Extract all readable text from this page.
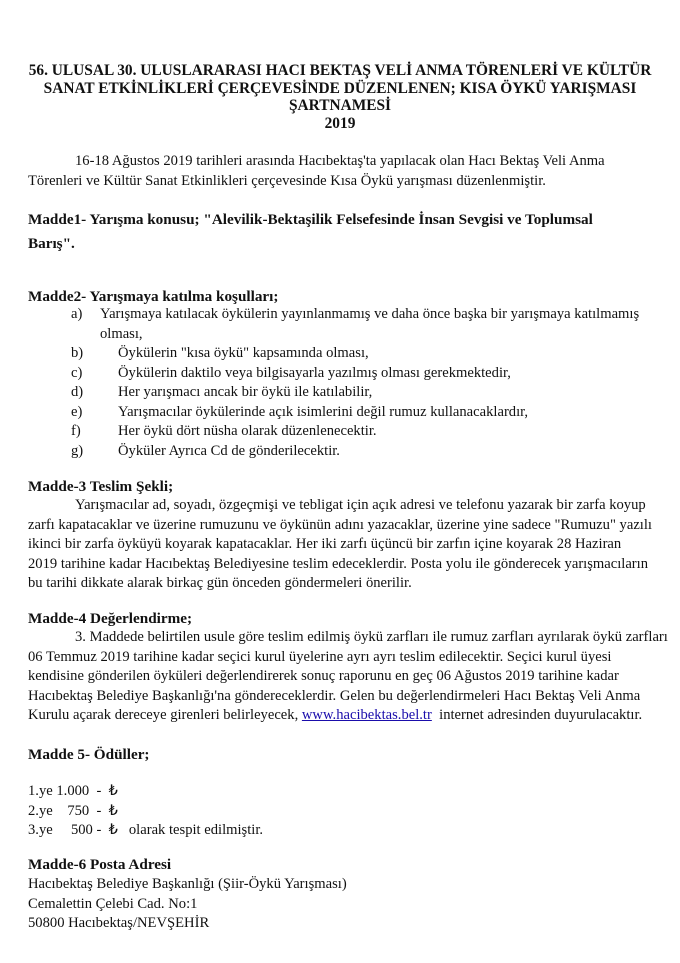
56. ULUSAL 30. ULUSLARARASI HACI BEKTAŞ VELİ ANMA TÖRENLERİ VE KÜLTÜR
SANAT ETKİNLİKLERİ ÇERÇEVESİNDE DÜZENLENEN; KISA ÖYKÜ YARIŞMASI
ŞARTNAMESİ
2019
16-18 Ağustos 2019 tarihleri arasında Hacıbektaş'ta yapılacak olan Hacı Bektaş Veli Anma
Törenleri ve Kültür Sanat Etkinlikleri çerçevesinde Kısa Öykü yarışması düzenlenmiştir.
Madde1- Yarışma konusu; "Alevilik-Bektaşilik Felsefesinde İnsan Sevgisi ve Toplumsal
Barış".
Madde2- Yarışmaya katılma koşulları;
a) Yarışmaya katılacak öykülerin yayınlanmamış ve daha önce başka bir yarışmaya katılmamış
olması,
b) Öykülerin "kısa öykü" kapsamında olması,
c) Öykülerin daktilo veya bilgisayarla yazılmış olması gerekmektedir,
d) Her yarışmacı ancak bir öykü ile katılabilir,
e) Yarışmacılar öykülerinde açık isimlerini değil rumuz kullanacaklardır,
f)	Her öykü dört nüsha olarak düzenlenecektir.
g) Öyküler Ayrıca Cd de gönderilecektir.
Madde-3 Teslim Şekli;
Yarışmacılar ad, soyadı, özgeçmişi ve tebligat için açık adresi ve telefonu yazarak bir zarfa koyup
zarfı kapatacaklar ve üzerine rumuzunu ve öykünün adını yazacaklar, üzerine yine sadece "Rumuzu" yazılı
ikinci bir zarfa öyküyü koyarak kapatacaklar. Her iki zarfı üçüncü bir zarfın içine koyarak 28 Haziran
2019 tarihine kadar Hacıbektaş Belediyesine teslim edeceklerdir. Posta yolu ile gönderecek yarışmacıların
bu tarihi dikkate alarak birkaç gün önceden göndermeleri önerilir.
Madde-4 Değerlendirme;
3. Maddede belirtilen usule göre teslim edilmiş öykü zarfları ile rumuz zarfları ayrılarak öykü zarfları
06 Temmuz 2019 tarihine kadar seçici kurul üyelerine ayrı ayrı teslim edilecektir. Seçici kurul üyesi
kendisine gönderilen öyküleri değerlendirerek sonuç raporunu en geç 06 Ağustos 2019 tarihine kadar
Hacıbektaş Belediye Başkanlığı'na göndereceklerdir. Gelen bu değerlendirmeleri Hacı Bektaş Veli Anma
Kurulu açarak dereceye girenleri belirleyecek, www.hacibektas.bel.tr  internet adresinden duyurulacaktır.
Madde 5- Ödüller;
1.ye 1.000  -  ₺
2.ye    750  -  ₺
3.ye     500 -  ₺   olarak tespit edilmiştir.
Madde-6 Posta Adresi
Hacıbektaş Belediye Başkanlığı (Şiir-Öykü Yarışması)
Cemalettin Çelebi Cad. No:1
50800 Hacıbektaş/NEVŞEHİR
